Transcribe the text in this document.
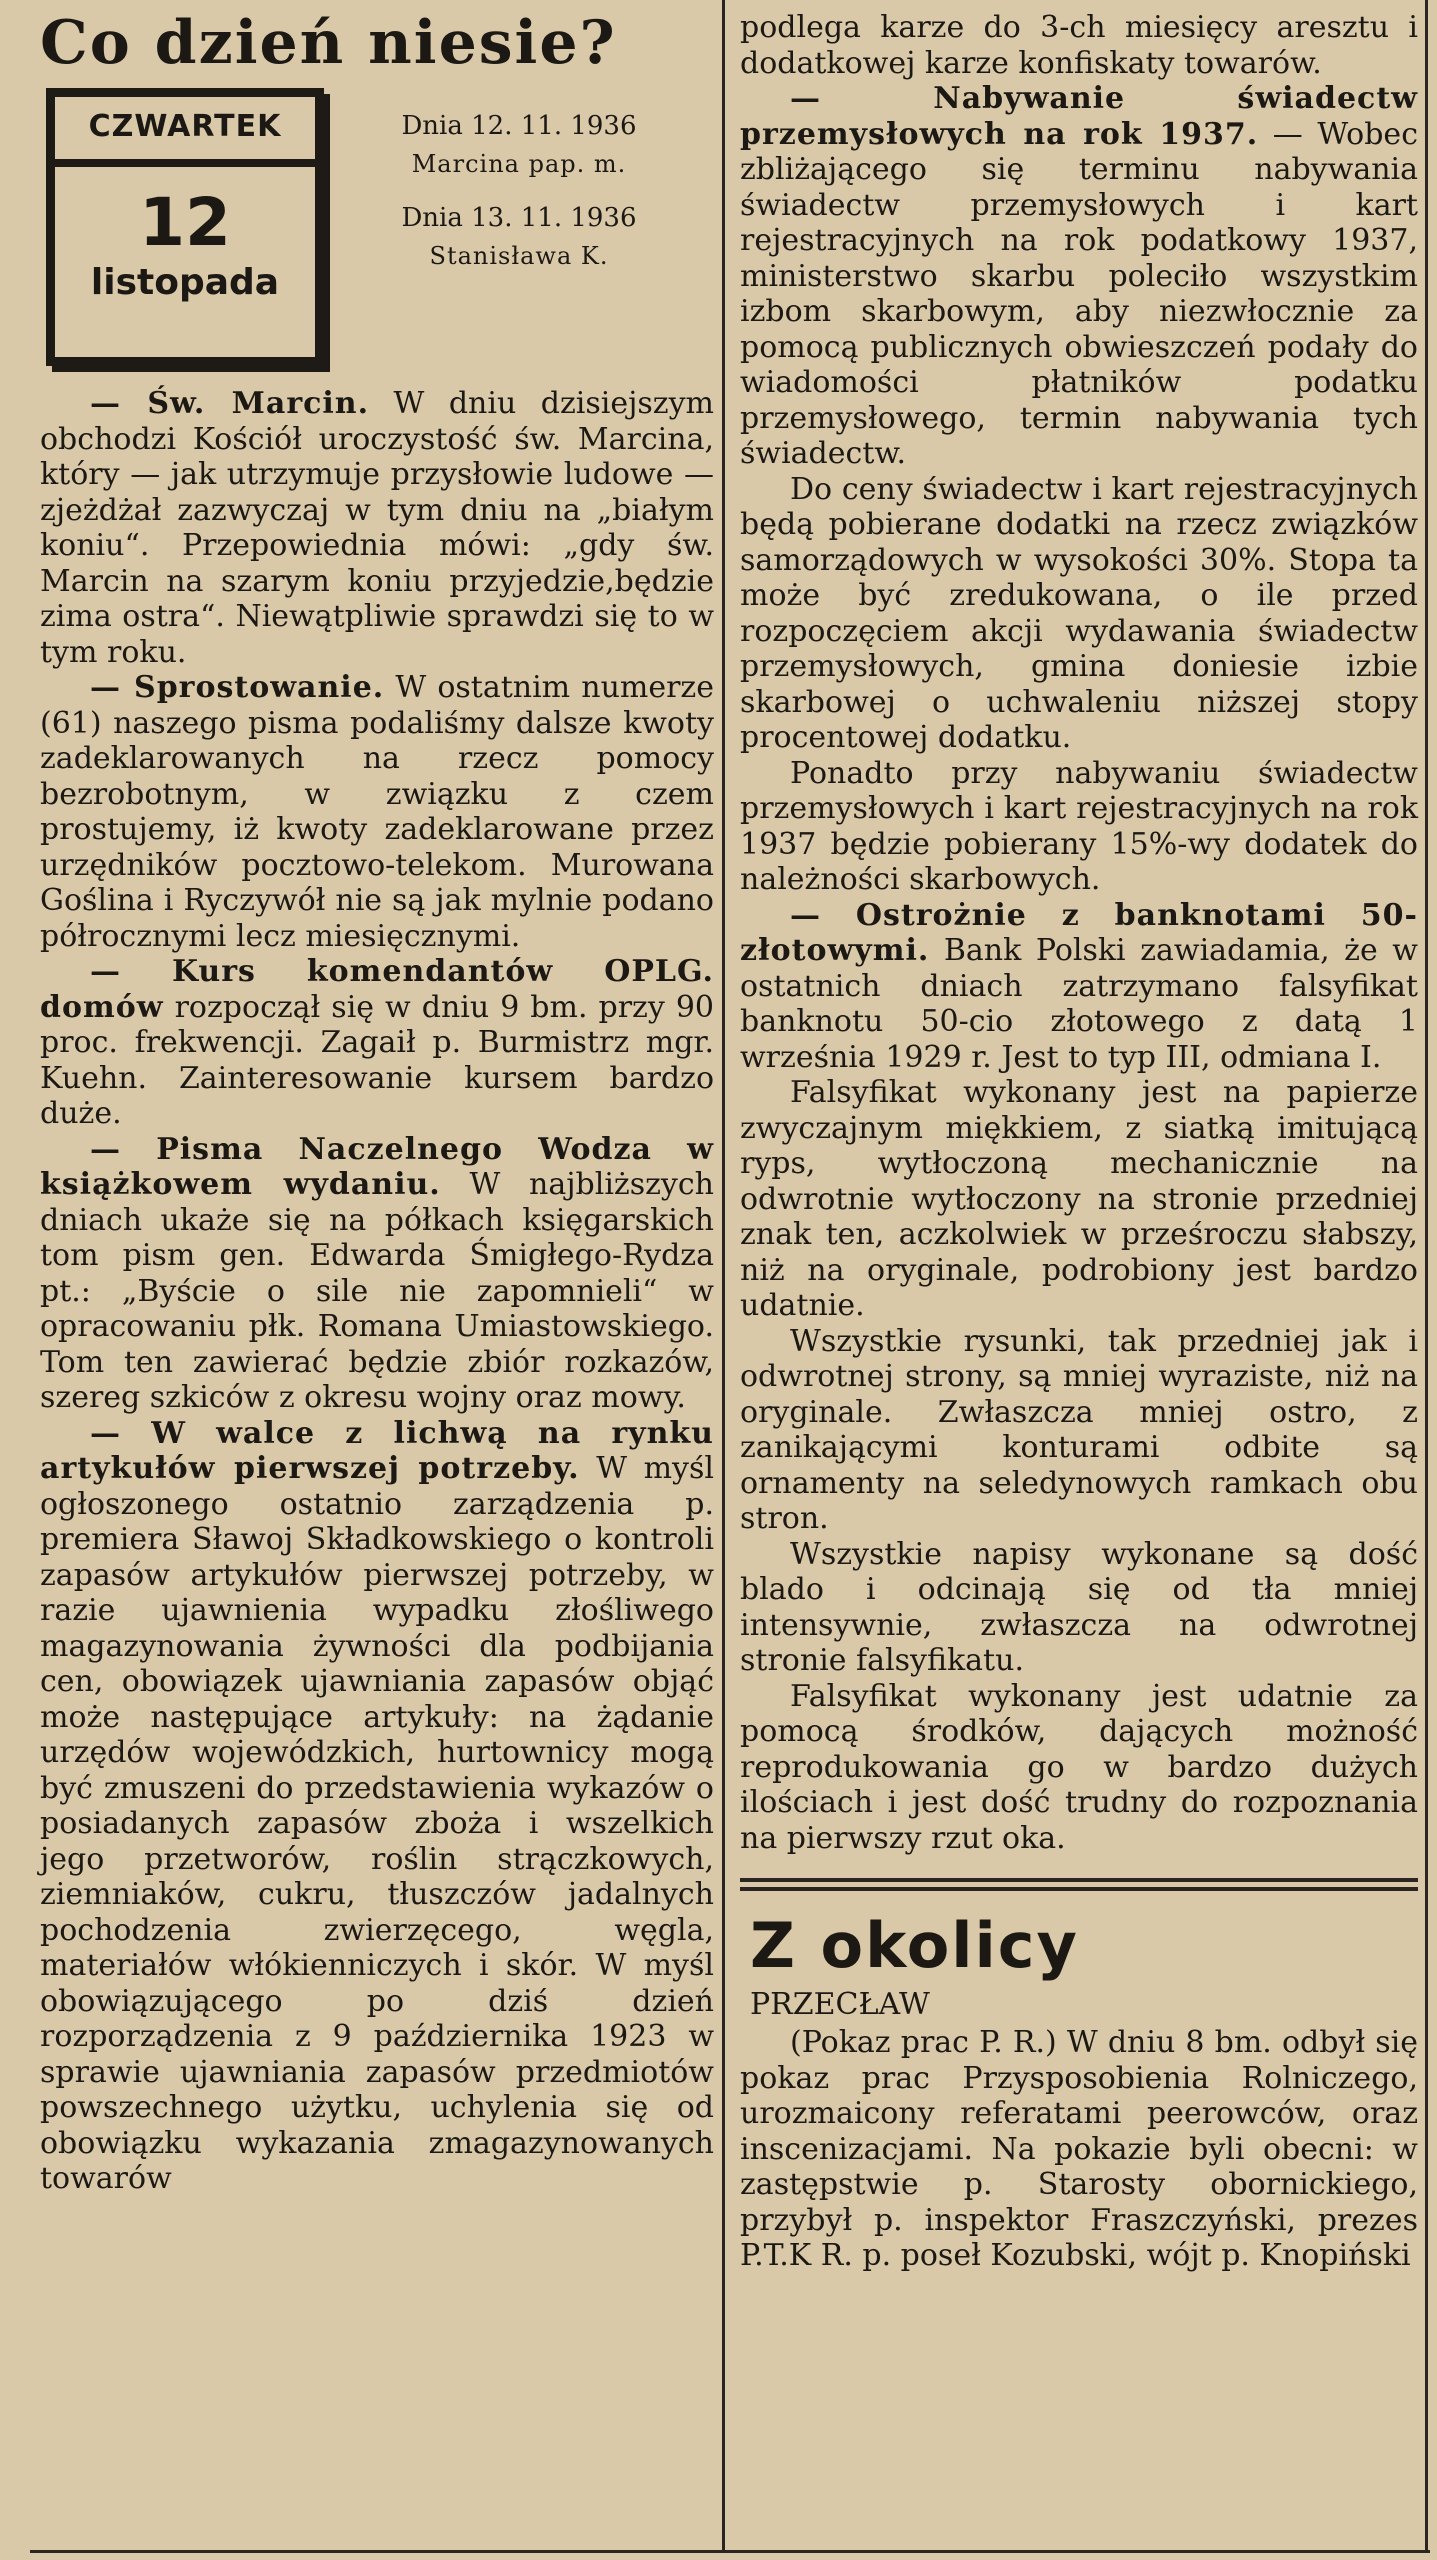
Co dzień niesie?
CZWARTEK
12
listopada
Dnia 12. 11. 1936
Marcina pap. m.
Dnia 13. 11. 1936
Stanisława K.

— Św. Marcin. W dniu dzisiejszym obchodzi Kościół uroczystość św. Marcina, który — jak utrzymuje przysłowie ludowe — zjeżdżał zazwyczaj w tym dniu na „białym koniu“. Przepowiednia mówi: „gdy św. Marcin na szarym koniu przyjedzie,będzie zima ostra“. Niewątpliwie sprawdzi się to w tym roku.

— Sprostowanie. W ostatnim numerze (61) naszego pisma podaliśmy dalsze kwoty zadeklarowanych na rzecz pomocy bezrobotnym, w związku z czem prostujemy, iż kwoty zadeklarowane przez urzędników pocztowo-telekom. Murowana Goślina i Ryczywół nie są jak mylnie podano półrocznymi lecz miesięcznymi.

— Kurs komendantów OPLG. domów rozpoczął się w dniu 9 bm. przy 90 proc. frekwencji. Zagaił p. Burmistrz mgr. Kuehn. Zainteresowanie kursem bardzo duże.

— Pisma Naczelnego Wodza w książkowem wydaniu. W najbliższych dniach ukaże się na półkach księgarskich tom pism gen. Edwarda Śmigłego-Rydza pt.: „Byście o sile nie zapomnieli“ w opracowaniu płk. Romana Umiastowskiego. Tom ten zawierać będzie zbiór rozkazów, szereg szkiców z okresu wojny oraz mowy.

— W walce z lichwą na rynku artykułów pierwszej potrzeby. W myśl ogłoszonego ostatnio zarządzenia p. premiera Sławoj Składkowskiego o kontroli zapasów artykułów pierwszej potrzeby, w razie ujawnienia wypadku złośliwego magazynowania żywności dla podbijania cen, obowiązek ujawniania zapasów objąć może następujące artykuły: na żądanie urzędów wojewódzkich, hurtownicy mogą być zmuszeni do przedstawienia wykazów o posiadanych zapasów zboża i wszelkich jego przetworów, roślin strączkowych, ziemniaków, cukru, tłuszczów jadalnych pochodzenia zwierzęcego, węgla, materiałów włókienniczych i skór. W myśl obowiązującego po dziś dzień rozporządzenia z 9 października 1923 w sprawie ujawniania zapasów przedmiotów powszechnego użytku, uchylenia się od obowiązku wykazania zmagazynowanych towarów

podlega karze do 3-ch miesięcy aresztu i dodatkowej karze konfiskaty towarów.

— Nabywanie świadectw przemysłowych na rok 1937. — Wobec zbliżającego się terminu nabywania świadectw przemysłowych i kart rejestracyjnych na rok podatkowy 1937, ministerstwo skarbu poleciło wszystkim izbom skarbowym, aby niezwłocznie za pomocą publicznych obwieszczeń podały do wiadomości płatników podatku przemysłowego, termin nabywania tych świadectw.

Do ceny świadectw i kart rejestracyjnych będą pobierane dodatki na rzecz związków samorządowych w wysokości 30%. Stopa ta może być zredukowana, o ile przed rozpoczęciem akcji wydawania świadectw przemysłowych, gmina doniesie izbie skarbowej o uchwaleniu niższej stopy procentowej dodatku.

Ponadto przy nabywaniu świadectw przemysłowych i kart rejestracyjnych na rok 1937 będzie pobierany 15%-wy dodatek do należności skarbowych.

— Ostrożnie z banknotami 50-złotowymi. Bank Polski zawiadamia, że w ostatnich dniach zatrzymano falsyfikat banknotu 50-cio złotowego z datą 1 września 1929 r. Jest to typ III, odmiana I.

Falsyfikat wykonany jest na papierze zwyczajnym miękkiem, z siatką imitującą ryps, wytłoczoną mechanicznie na odwrotnie wytłoczony na stronie przedniej znak ten, aczkolwiek w prześroczu słabszy, niż na oryginale, podrobiony jest bardzo udatnie.

Wszystkie rysunki, tak przedniej jak i odwrotnej strony, są mniej wyraziste, niż na oryginale. Zwłaszcza mniej ostro, z zanikającymi konturami odbite są ornamenty na seledynowych ramkach obu stron.

Wszystkie napisy wykonane są dość blado i odcinają się od tła mniej intensywnie, zwłaszcza na odwrotnej stronie falsyfikatu.

Falsyfikat wykonany jest udatnie za pomocą środków, dających możność reprodukowania go w bardzo dużych ilościach i jest dość trudny do rozpoznania na pierwszy rzut oka.

Z okolicy
PRZECŁAW

(Pokaz prac P. R.) W dniu 8 bm. odbył się pokaz prac Przysposobienia Rolniczego, urozmaicony referatami peerowców, oraz inscenizacjami. Na pokazie byli obecni: w zastępstwie p. Starosty obornickiego, przybył p. inspektor Fraszczyński, prezes P.T.K R. p. poseł Kozubski, wójt p. Knopiński
